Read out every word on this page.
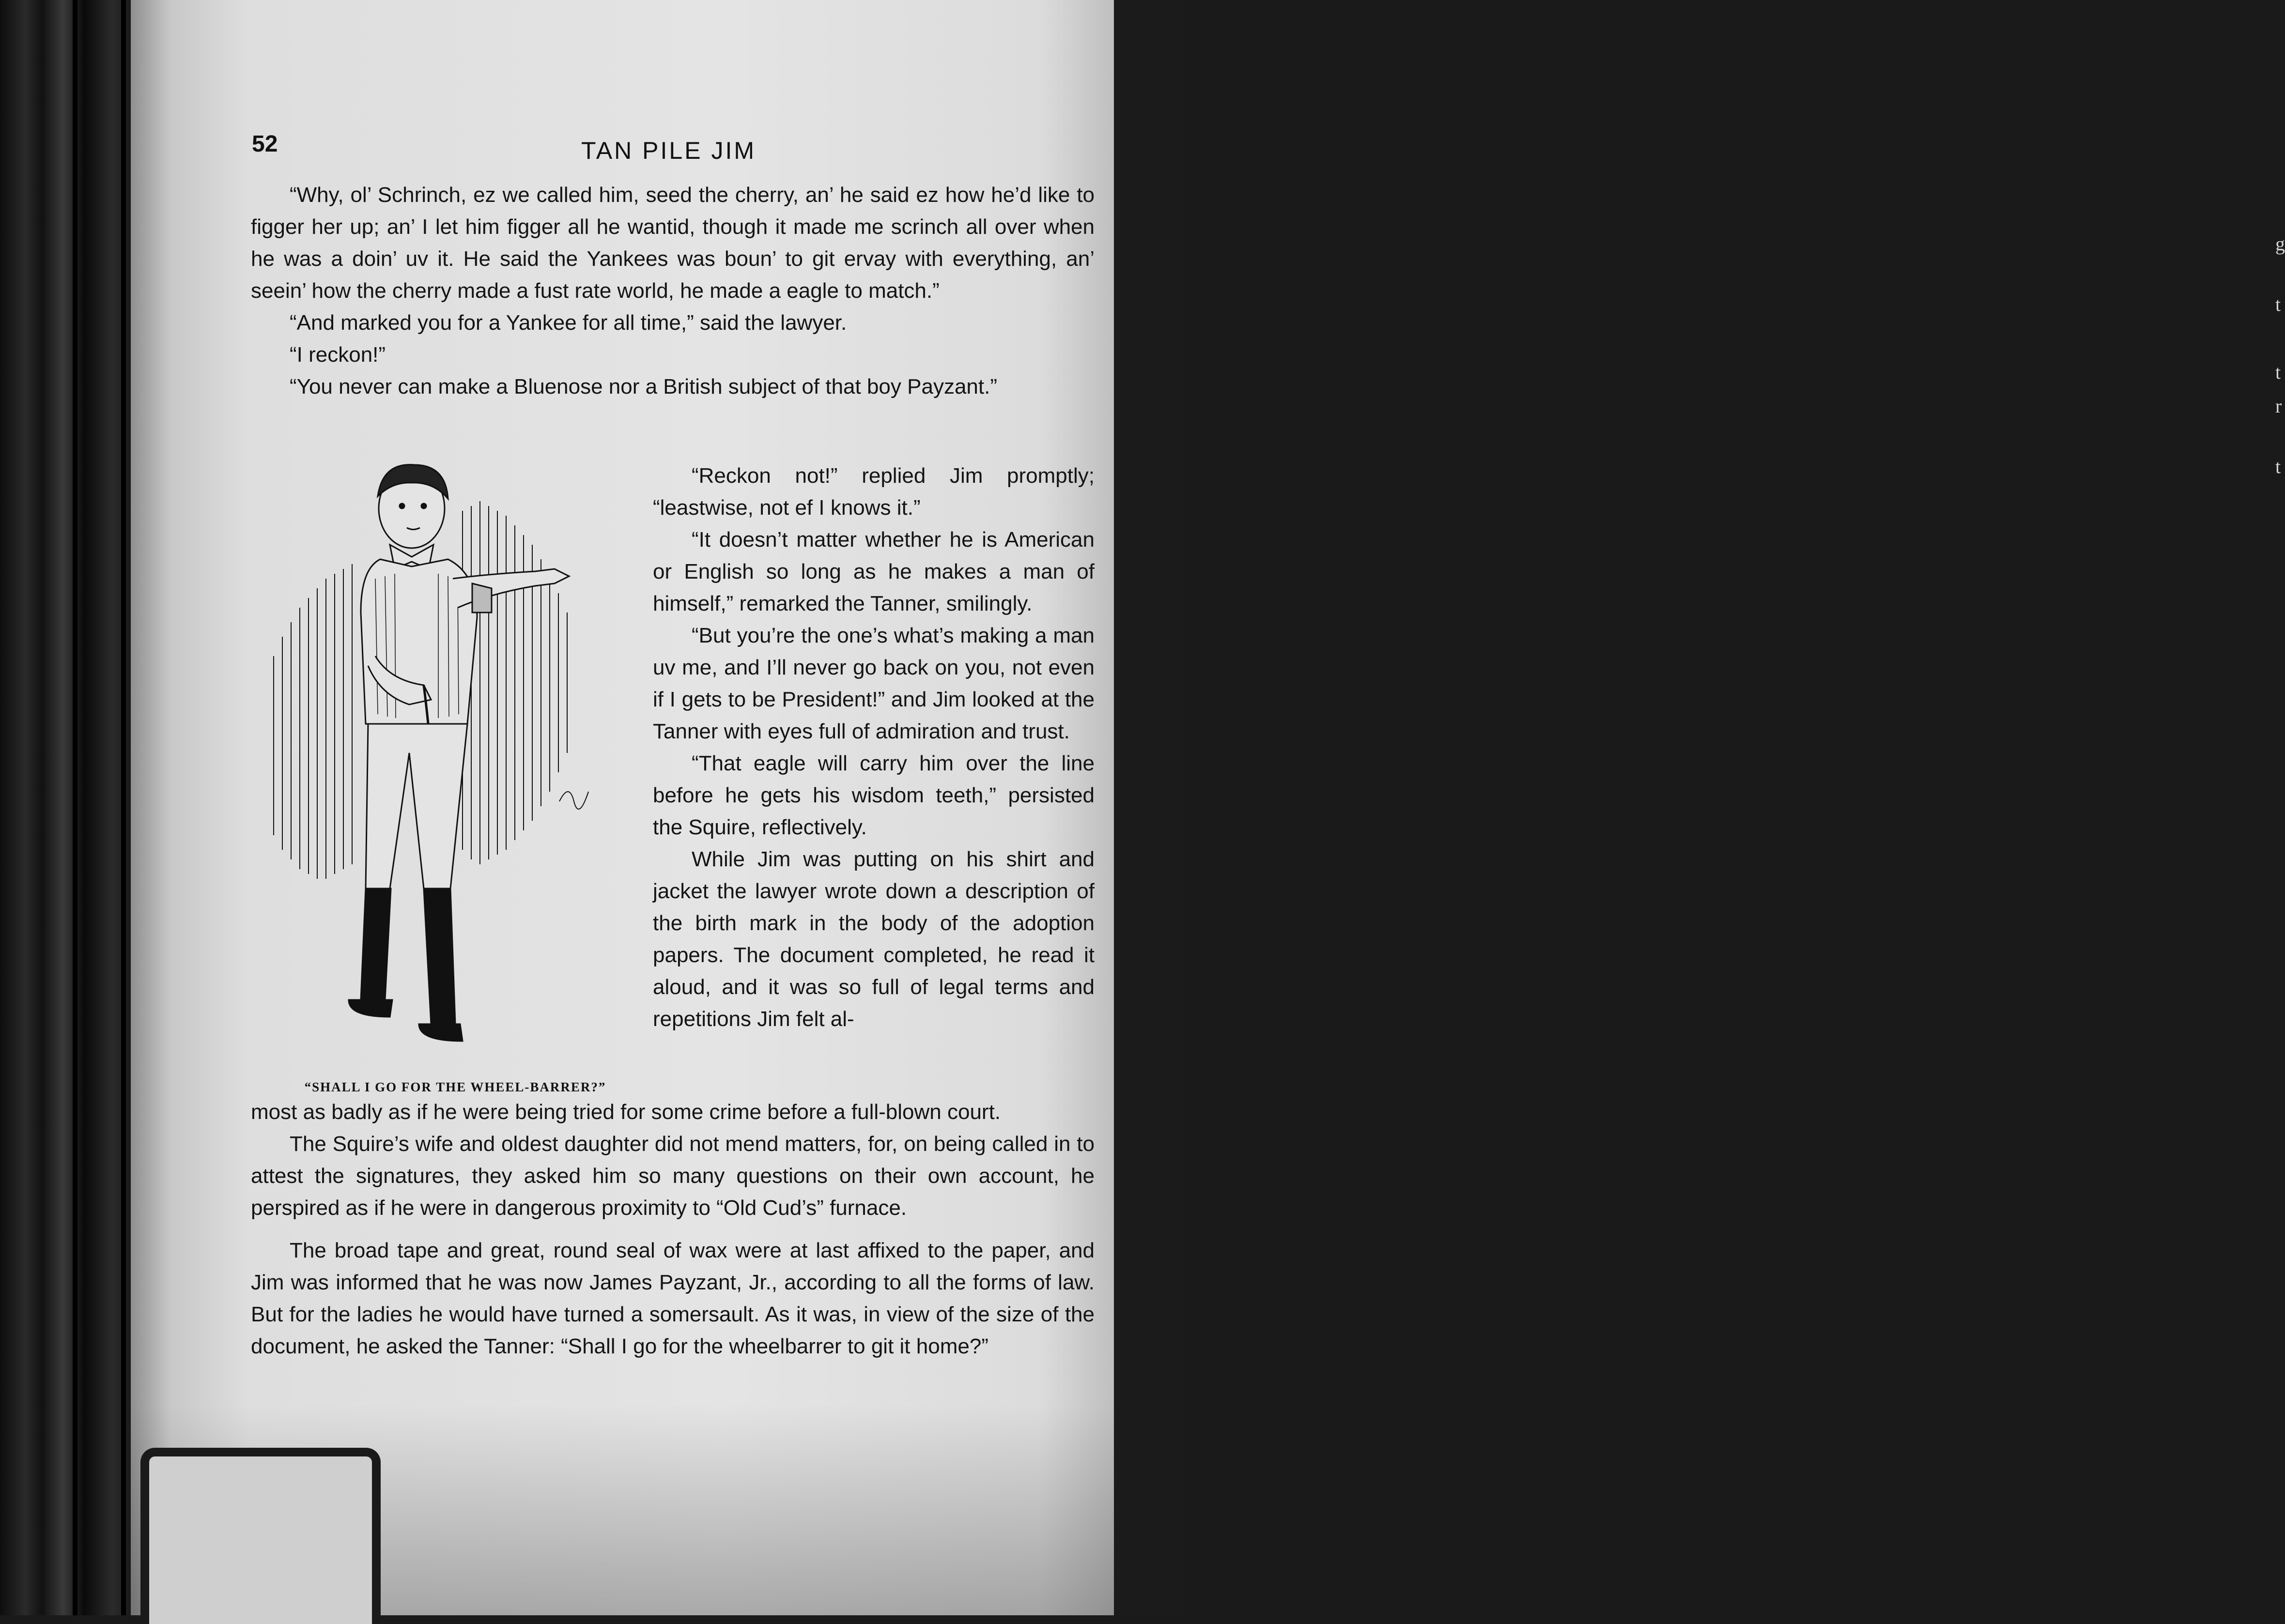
g
t
t
r
t
52	TAN PILE JIM

“Why, ol’ Schrinch, ez we called him, seed the cherry, an’ he said ez how he’d like to figger her up; an’ I let him figger all he wantid, though it made me scrinch all over when he was a doin’ uv it. He said the Yankees was boun’ to git ervay with everything, an’ seein’ how the cherry made a fust rate world, he made a eagle to match.”

“And marked you for a Yankee for all time,” said the lawyer.

“I reckon!”

“You never can make a Bluenose nor a British subject of that boy Payzant.”

“SHALL I GO FOR THE WHEEL-BARRER?”

“Reckon not!” replied Jim promptly; “leastwise, not ef I knows it.”

“It doesn’t matter whether he is American or English so long as he makes a man of himself,” remarked the Tanner, smilingly.

“But you’re the one’s what’s making a man uv me, and I’ll never go back on you, not even if I gets to be President!” and Jim looked at the Tanner with eyes full of admiration and trust.

“That eagle will carry him over the line before he gets his wisdom teeth,” persisted the Squire, reflectively.

While Jim was putting on his shirt and jacket the lawyer wrote down a description of the birth mark in the body of the adoption papers. The document completed, he read it aloud, and it was so full of legal terms and repetitions Jim felt al-

most as badly as if he were being tried for some crime before a full-blown court.

The Squire’s wife and oldest daughter did not mend matters, for, on being called in to attest the signatures, they asked him so many questions on their own account, he perspired as if he were in dangerous proximity to “Old Cud’s” furnace.

The broad tape and great, round seal of wax were at last affixed to the paper, and Jim was informed that he was now James Payzant, Jr., according to all the forms of law. But for the ladies he would have turned a somersault. As it was, in view of the size of the document, he asked the Tanner: “Shall I go for the wheelbarrer to git it home?”
